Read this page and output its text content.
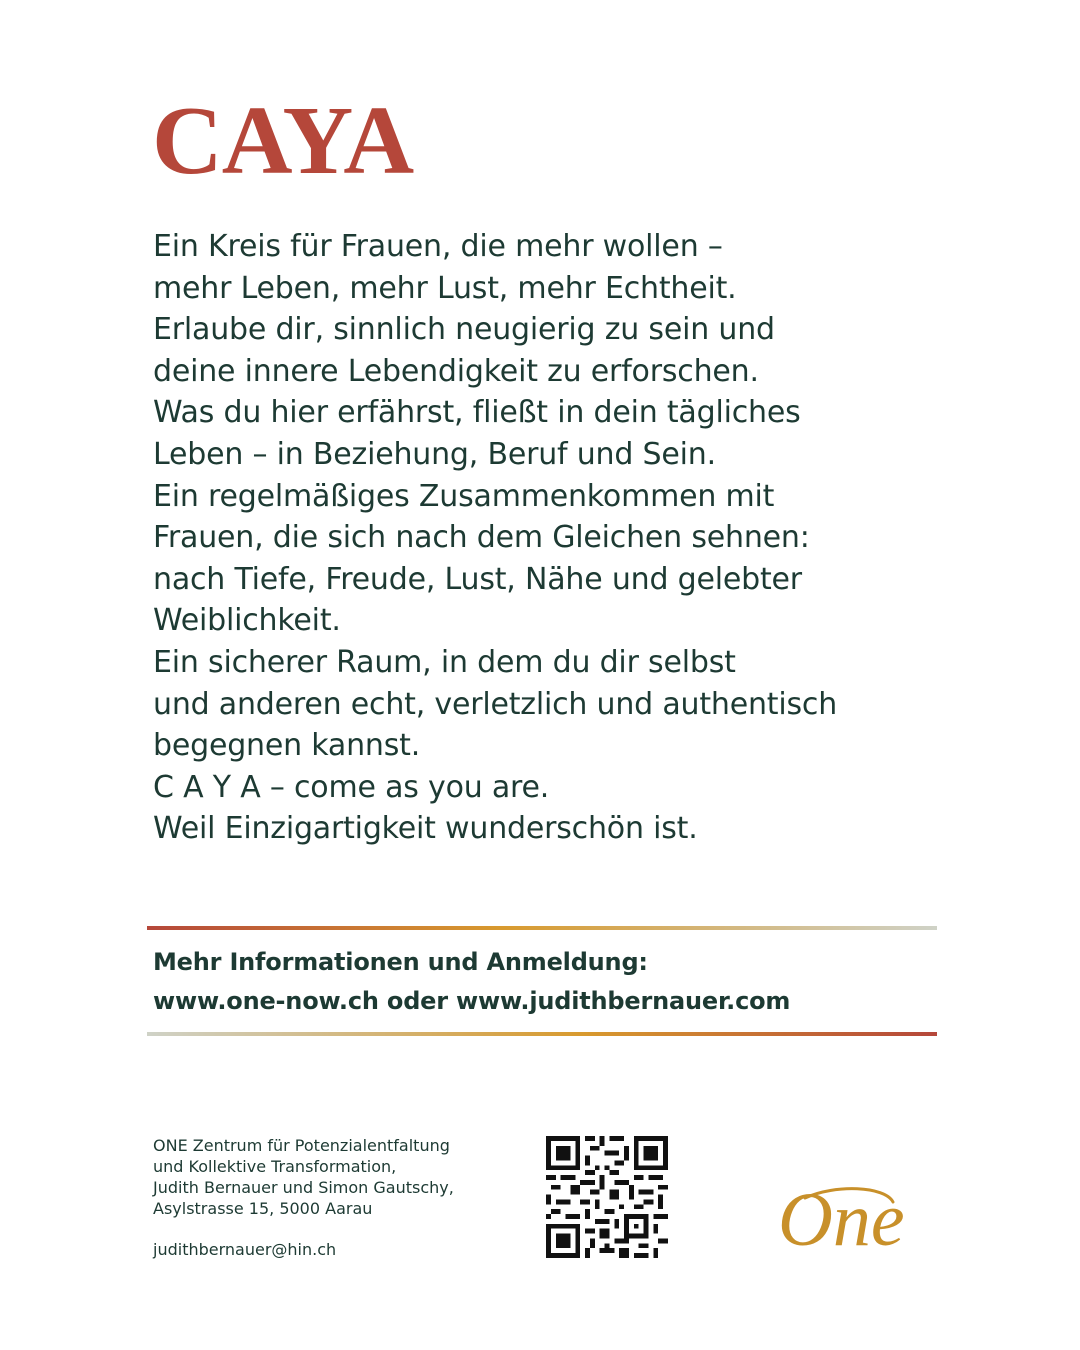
CAYA
Ein Kreis für Frauen, die mehr wollen –
mehr Leben, mehr Lust, mehr Echtheit.
Erlaube dir, sinnlich neugierig zu sein und
deine innere Lebendigkeit zu erforschen.
Was du hier erfährst, fließt in dein tägliches
Leben – in Beziehung, Beruf und Sein.
Ein regelmäßiges Zusammenkommen mit
Frauen, die sich nach dem Gleichen sehnen:
nach Tiefe, Freude, Lust, Nähe und gelebter
Weiblichkeit.
Ein sicherer Raum, in dem du dir selbst
und anderen echt, verletzlich und authentisch
begegnen kannst.
C A Y A – come as you are.
Weil Einzigartigkeit wunderschön ist.
Mehr Informationen und Anmeldung:
www.one-now.ch oder www.judithbernauer.com
ONE Zentrum für Potenzialentfaltung
und Kollektive Transformation,
Judith Bernauer und Simon Gautschy,
Asylstrasse 15, 5000 Aarau
judithbernauer@hin.ch	One
